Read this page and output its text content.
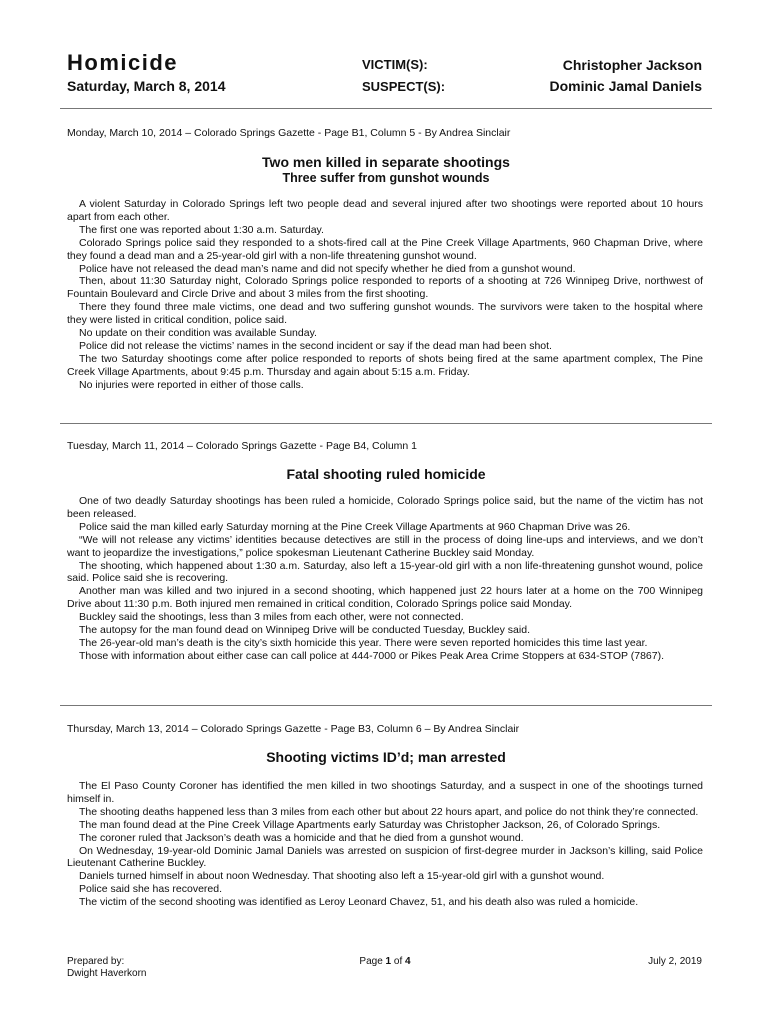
Homicide
Saturday, March 8, 2014
VICTIM(S):
SUSPECT(S):
Christopher Jackson
Dominic Jamal Daniels
Monday, March 10, 2014 – Colorado Springs Gazette - Page B1, Column 5 - By Andrea Sinclair
Two men killed in separate shootings
Three suffer from gunshot wounds

A violent Saturday in Colorado Springs left two people dead and several injured after two shootings were reported about 10 hours apart from each other.

The first one was reported about 1:30 a.m. Saturday.

Colorado Springs police said they responded to a shots-fired call at the Pine Creek Village Apartments, 960 Chapman Drive, where they found a dead man and a 25-year-old girl with a non-life threatening gunshot wound.

Police have not released the dead man’s name and did not specify whether he died from a gunshot wound.

Then, about 11:30 Saturday night, Colorado Springs police responded to reports of a shooting at 726 Winnipeg Drive, northwest of Fountain Boulevard and Circle Drive and about 3 miles from the first shooting.

There they found three male victims, one dead and two suffering gunshot wounds. The survivors were taken to the hospital where they were listed in critical condition, police said.

No update on their condition was available Sunday.

Police did not release the victims’ names in the second incident or say if the dead man had been shot.

The two Saturday shootings come after police responded to reports of shots being fired at the same apartment complex, The Pine Creek Village Apartments, about 9:45 p.m. Thursday and again about 5:15 a.m. Friday.

No injuries were reported in either of those calls.

Tuesday, March 11, 2014 – Colorado Springs Gazette - Page B4, Column 1
Fatal shooting ruled homicide

One of two deadly Saturday shootings has been ruled a homicide, Colorado Springs police said, but the name of the victim has not been released.

Police said the man killed early Saturday morning at the Pine Creek Village Apartments at 960 Chapman Drive was 26.

“We will not release any victims’ identities because detectives are still in the process of doing line-ups and interviews, and we don’t want to jeopardize the investigations,” police spokesman Lieutenant Catherine Buckley said Monday.

The shooting, which happened about 1:30 a.m. Saturday, also left a 15-year-old girl with a non life-threatening gunshot wound, police said. Police said she is recovering.

Another man was killed and two injured in a second shooting, which happened just 22 hours later at a home on the 700 Winnipeg Drive about 11:30 p.m. Both injured men remained in critical condition, Colorado Springs police said Monday.

Buckley said the shootings, less than 3 miles from each other, were not connected.

The autopsy for the man found dead on Winnipeg Drive will be conducted Tuesday, Buckley said.

The 26-year-old man’s death is the city’s sixth homicide this year. There were seven reported homicides this time last year.

Those with information about either case can call police at 444-7000 or Pikes Peak Area Crime Stoppers at 634-STOP (7867).

Thursday, March 13, 2014 – Colorado Springs Gazette - Page B3, Column 6 – By Andrea Sinclair
Shooting victims ID’d; man arrested

The El Paso County Coroner has identified the men killed in two shootings Saturday, and a suspect in one of the shootings turned himself in.

The shooting deaths happened less than 3 miles from each other but about 22 hours apart, and police do not think they’re connected.

The man found dead at the Pine Creek Village Apartments early Saturday was Christopher Jackson, 26, of Colorado Springs.

The coroner ruled that Jackson’s death was a homicide and that he died from a gunshot wound.

On Wednesday, 19-year-old Dominic Jamal Daniels was arrested on suspicion of first-degree murder in Jackson’s killing, said Police Lieutenant Catherine Buckley.

Daniels turned himself in about noon Wednesday. That shooting also left a 15-year-old girl with a gunshot wound.

Police said she has recovered.

The victim of the second shooting was identified as Leroy Leonard Chavez, 51, and his death also was ruled a homicide.

Prepared by:
Dwight Haverkorn
Page 1 of 4	July 2, 2019
